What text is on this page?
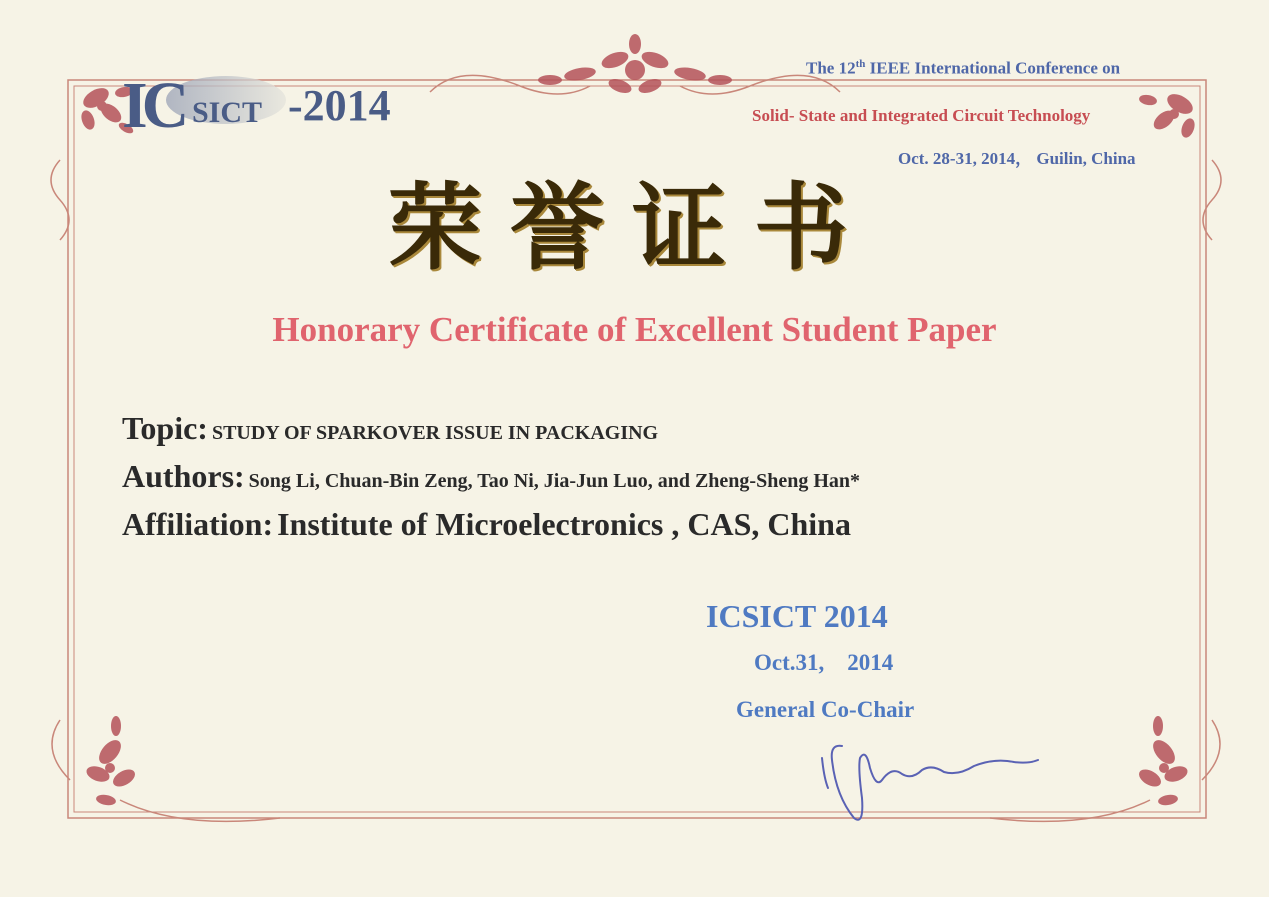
IC SICT -2014
The 12th IEEE International Conference on
Solid- State and Integrated Circuit Technology
Oct. 28-31, 2014， Guilin, China
荣誉证书
Honorary Certificate of Excellent Student Paper
Topic: STUDY OF SPARKOVER ISSUE IN PACKAGING
Authors: Song Li, Chuan-Bin Zeng, Tao Ni, Jia-Jun Luo, and Zheng-Sheng Han*
Affiliation: Institute of Microelectronics , CAS, China
ICSICT 2014
Oct.31,    2014
General Co-Chair
